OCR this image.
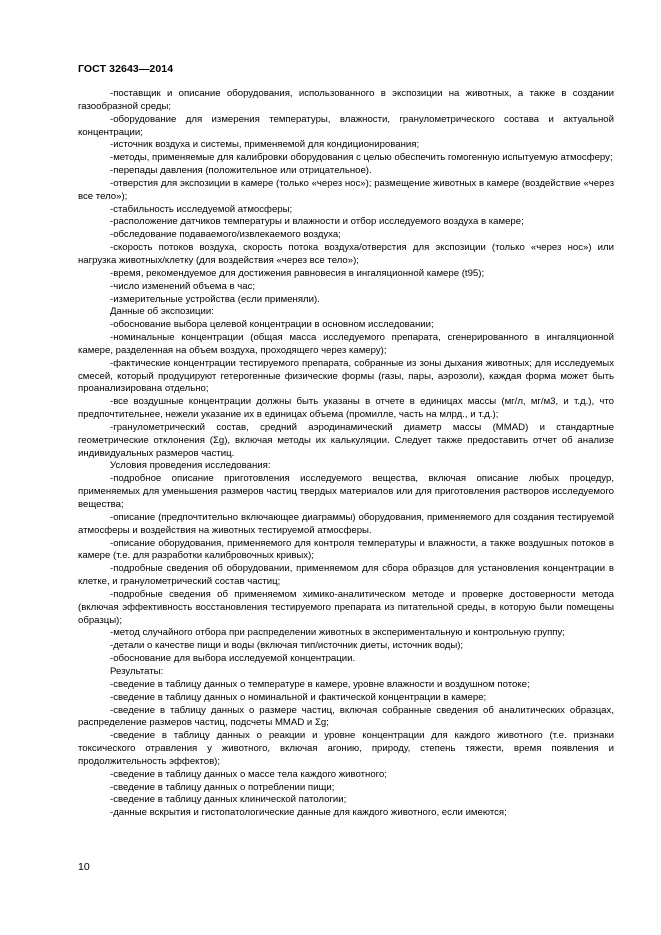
ГОСТ 32643—2014

-поставщик и описание оборудования, использованного в экспозиции на животных, а также в создании газообразной среды;

-оборудование для измерения температуры, влажности, гранулометрического состава и актуальной концентрации;

-источник воздуха и системы, применяемой для кондиционирования;

-методы, применяемые для калибровки оборудования с целью обеспечить гомогенную испытуемую атмосферу;

-перепады давления (положительное или отрицательное).

-отверстия для экспозиции в камере (только «через нос»); размещение животных в камере (воздействие «через все тело»);

-стабильность исследуемой атмосферы;

-расположение датчиков температуры и влажности и отбор исследуемого воздуха в камере;

-обследование подаваемого/извлекаемого воздуха;

-скорость потоков воздуха, скорость потока воздуха/отверстия для экспозиции (только «через нос») или нагрузка животных/клетку (для воздействия «через все тело»);

-время, рекомендуемое для достижения равновесия в ингаляционной камере (t95);

-число изменений объема в час;

-измерительные устройства (если применяли).

Данные об экспозиции:

-обоснование выбора целевой концентрации в основном исследовании;

-номинальные концентрации (общая масса исследуемого препарата, сгенерированного в ингаляционной камере, разделенная на объем воздуха, проходящего через камеру);

-фактические концентрации тестируемого препарата, собранные из зоны дыхания животных; для исследуемых смесей, который продуцируют гетерогенные физические формы (газы, пары, аэрозоли), каждая форма может быть проанализирована отдельно;

-все воздушные концентрации должны быть указаны в отчете в единицах массы (мг/л, мг/м3, и т.д.), что предпочтительнее, нежели указание их в единицах объема (промилле, часть на млрд., и т.д.);

-гранулометрический состав, средний аэродинамический диаметр массы (MMAD) и стандартные геометрические отклонения (Σg), включая методы их калькуляции. Следует также предоставить отчет об анализе индивидуальных размеров частиц.

Условия проведения исследования:

-подробное описание приготовления исследуемого вещества, включая описание любых процедур, применяемых для уменьшения размеров частиц твердых материалов или для приготовления растворов исследуемого вещества;

-описание (предпочтительно включающее диаграммы) оборудования, применяемого для создания тестируемой атмосферы и воздействия на животных тестируемой атмосферы.

-описание оборудования, применяемого для контроля температуры и влажности, а также воздушных потоков в камере (т.е. для разработки калибровочных кривых);

-подробные сведения об оборудовании, применяемом для сбора образцов для установления концентрации в клетке, и гранулометрический состав частиц;

-подробные сведения об применяемом химико-аналитическом методе и проверке достоверности метода (включая эффективность восстановления тестируемого препарата из питательной среды, в которую были помещены образцы);

-метод случайного отбора при распределении животных в экспериментальную и контрольную группу;

-детали о качестве пищи и воды (включая тип/источник диеты, источник воды);

-обоснование для выбора исследуемой концентрации.

Результаты:

-сведение в таблицу данных о температуре в камере, уровне влажности и воздушном потоке;

-сведение в таблицу данных о номинальной и фактической концентрации в камере;

-сведение в таблицу данных о размере частиц, включая собранные сведения об аналитических образцах, распределение размеров частиц, подсчеты MMAD и Σg;

-сведение в таблицу данных о реакции и уровне концентрации для каждого животного (т.е. признаки токсического отравления у животного, включая агонию, природу, степень тяжести, время появления и продолжительность эффектов);

-сведение в таблицу данных о массе тела каждого животного;

-сведение в таблицу данных о потреблении пищи;

-сведение в таблицу данных клинической патологии;

-данные вскрытия и гистопатологические данные для каждого животного, если имеются;

10
